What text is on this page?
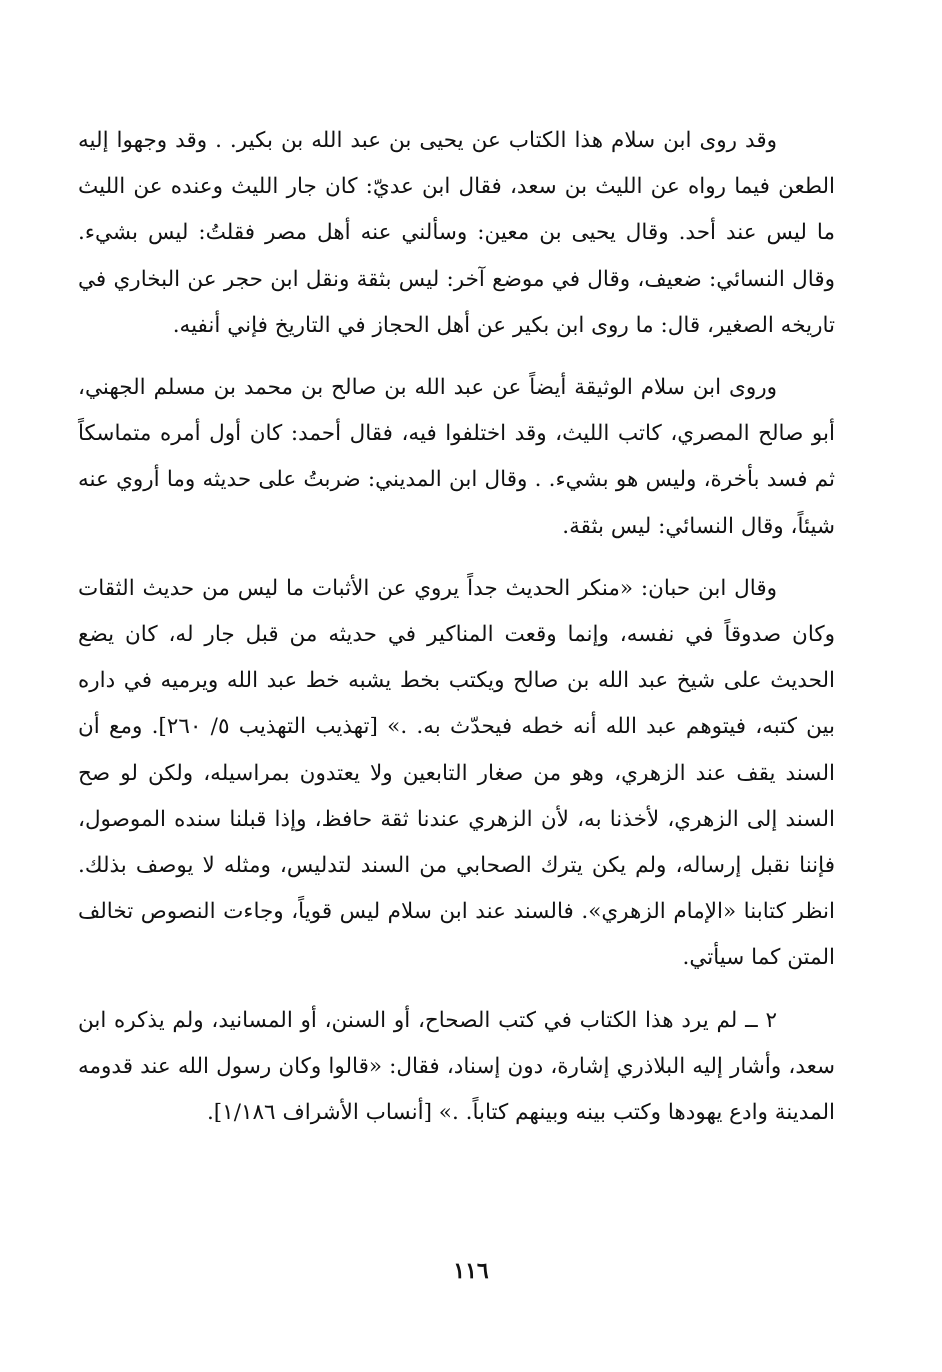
وقد روى ابن سلام هذا الكتاب عن يحيى بن عبد الله بن بكير. . وقد وجهوا إليه الطعن فيما رواه عن الليث بن سعد، فقال ابن عديّ: كان جار الليث وعنده عن الليث ما ليس عند أحد. وقال يحيى بن معين: وسألني عنه أهل مصر فقلتُ: ليس بشيء. وقال النسائي: ضعيف، وقال في موضع آخر: ليس بثقة ونقل ابن حجر عن البخاري في تاريخه الصغير، قال: ما روى ابن بكير عن أهل الحجاز في التاريخ فإني أنفيه.

وروى ابن سلام الوثيقة أيضاً عن عبد الله بن صالح بن محمد بن مسلم الجهني، أبو صالح المصري، كاتب الليث، وقد اختلفوا فيه، فقال أحمد: كان أول أمره متماسكاً ثم فسد بأخرة، وليس هو بشيء. . وقال ابن المديني: ضربتُ على حديثه وما أروي عنه شيئاً، وقال النسائي: ليس بثقة.

وقال ابن حبان: «منكر الحديث جداً يروي عن الأثبات ما ليس من حديث الثقات وكان صدوقاً في نفسه، وإنما وقعت المناكير في حديثه من قبل جار له، كان يضع الحديث على شيخ عبد الله بن صالح ويكتب بخط يشبه خط عبد الله ويرميه في داره بين كتبه، فيتوهم عبد الله أنه خطه فيحدّث به. .» [تهذيب التهذيب ٥/ ٢٦٠]. ومع أن السند يقف عند الزهري، وهو من صغار التابعين ولا يعتدون بمراسيله، ولكن لو صح السند إلى الزهري، لأخذنا به، لأن الزهري عندنا ثقة حافظ، وإذا قبلنا سنده الموصول، فإننا نقبل إرساله، ولم يكن يترك الصحابي من السند لتدليس، ومثله لا يوصف بذلك. انظر كتابنا «الإمام الزهري». فالسند عند ابن سلام ليس قوياً، وجاءت النصوص تخالف المتن كما سيأتي.

٢ ــ لم يرد هذا الكتاب في كتب الصحاح، أو السنن، أو المسانيد، ولم يذكره ابن سعد، وأشار إليه البلاذري إشارة، دون إسناد، فقال: «قالوا وكان رسول الله عند قدومه المدينة وادع يهودها وكتب بينه وبينهم كتاباً. .» [أنساب الأشراف ١/١٨٦].

١١٦
